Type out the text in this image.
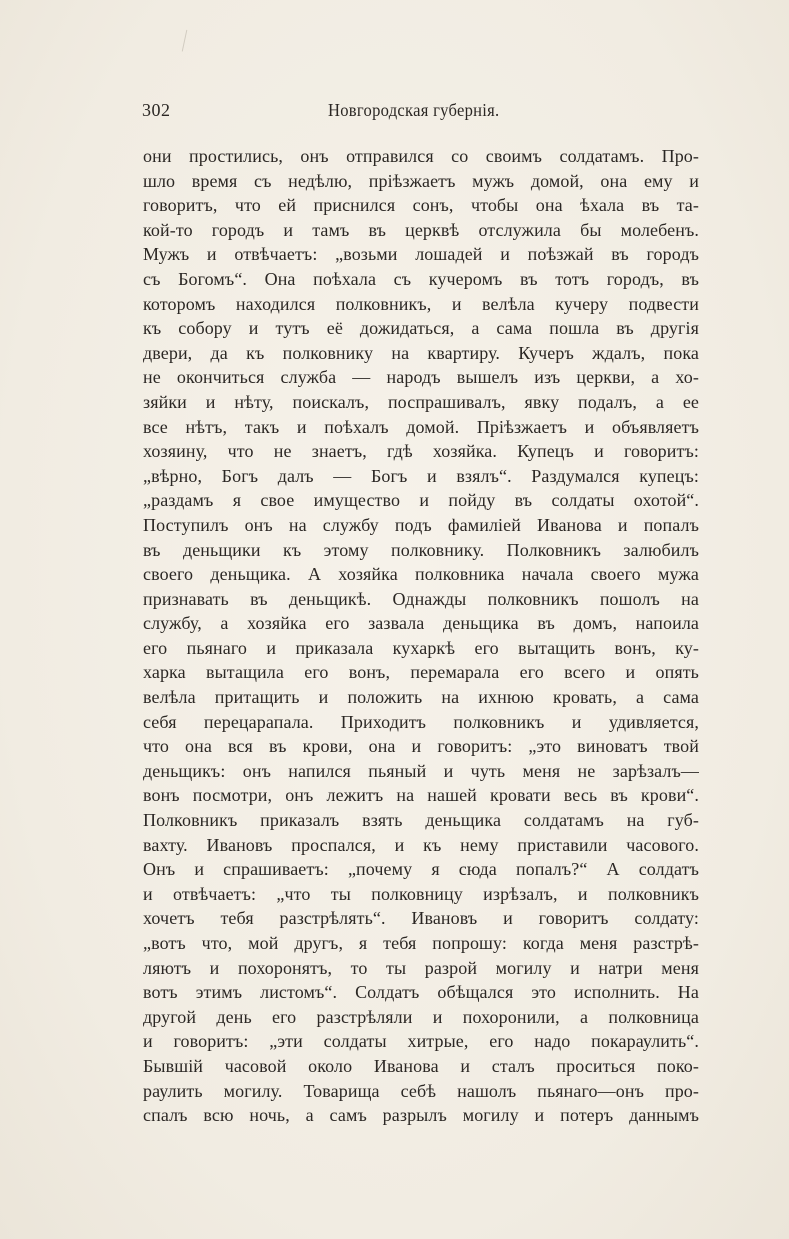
302	Новгородская губернія.
они простились, онъ отправился со своимъ солдатамъ. Про-
шло время съ недѣлю, пріѣзжаетъ мужъ домой, она ему и
говоритъ, что ей приснился сонъ, чтобы она ѣхала въ та-
кой-то городъ и тамъ въ церквѣ отслужила бы молебенъ.
Мужъ и отвѣчаетъ: „возьми лошадей и поѣзжай въ городъ
съ Богомъ“. Она поѣхала съ кучеромъ въ тотъ городъ, въ
которомъ находился полковникъ, и велѣла кучеру подвести
къ собору и тутъ её дожидаться, а сама пошла въ другія
двери, да къ полковнику на квартиру. Кучеръ ждалъ, пока
не окончиться служба — народъ вышелъ изъ церкви, а хо-
зяйки и нѣту, поискалъ, поспрашивалъ, явку подалъ, а ее
все нѣтъ, такъ и поѣхалъ домой. Пріѣзжаетъ и объявляетъ
хозяину, что не знаетъ, гдѣ хозяйка. Купецъ и говоритъ:
„вѣрно, Богъ далъ — Богъ и взялъ“. Раздумался купецъ:
„раздамъ я свое имущество и пойду въ солдаты охотой“.
Поступилъ онъ на службу подъ фамиліей Иванова и попалъ
въ деньщики къ этому полковнику. Полковникъ залюбилъ
своего деньщика. А хозяйка полковника начала своего мужа
признавать въ деньщикѣ. Однажды полковникъ пошолъ на
службу, а хозяйка его зазвала деньщика въ домъ, напоила
его пьянаго и приказала кухаркѣ его вытащить вонъ, ку-
харка вытащила его вонъ, перемарала его всего и опять
велѣла притащить и положить на ихнюю кровать, а сама
себя перецарапала. Приходитъ полковникъ и удивляется,
что она вся въ крови, она и говоритъ: „это виноватъ твой
деньщикъ: онъ напился пьяный и чуть меня не зарѣзалъ—
вонъ посмотри, онъ лежитъ на нашей кровати весь въ крови“.
Полковникъ приказалъ взять деньщика солдатамъ на губ-
вахту. Ивановъ проспался, и къ нему приставили часового.
Онъ и спрашиваетъ: „почему я сюда попалъ?“ А солдатъ
и отвѣчаетъ: „что ты полковницу изрѣзалъ, и полковникъ
хочетъ тебя разстрѣлять“. Ивановъ и говоритъ солдату:
„вотъ что, мой другъ, я тебя попрошу: когда меня разстрѣ-
ляютъ и похоронятъ, то ты разрой могилу и натри меня
вотъ этимъ листомъ“. Солдатъ обѣщался это исполнить. На
другой день его разстрѣляли и похоронили, а полковница
и говоритъ: „эти солдаты хитрые, его надо покараулить“.
Бывшій часовой около Иванова и сталъ проситься поко-
раулить могилу. Товарища себѣ нашолъ пьянаго—онъ про-
спалъ всю ночь, а самъ разрылъ могилу и потеръ даннымъ
